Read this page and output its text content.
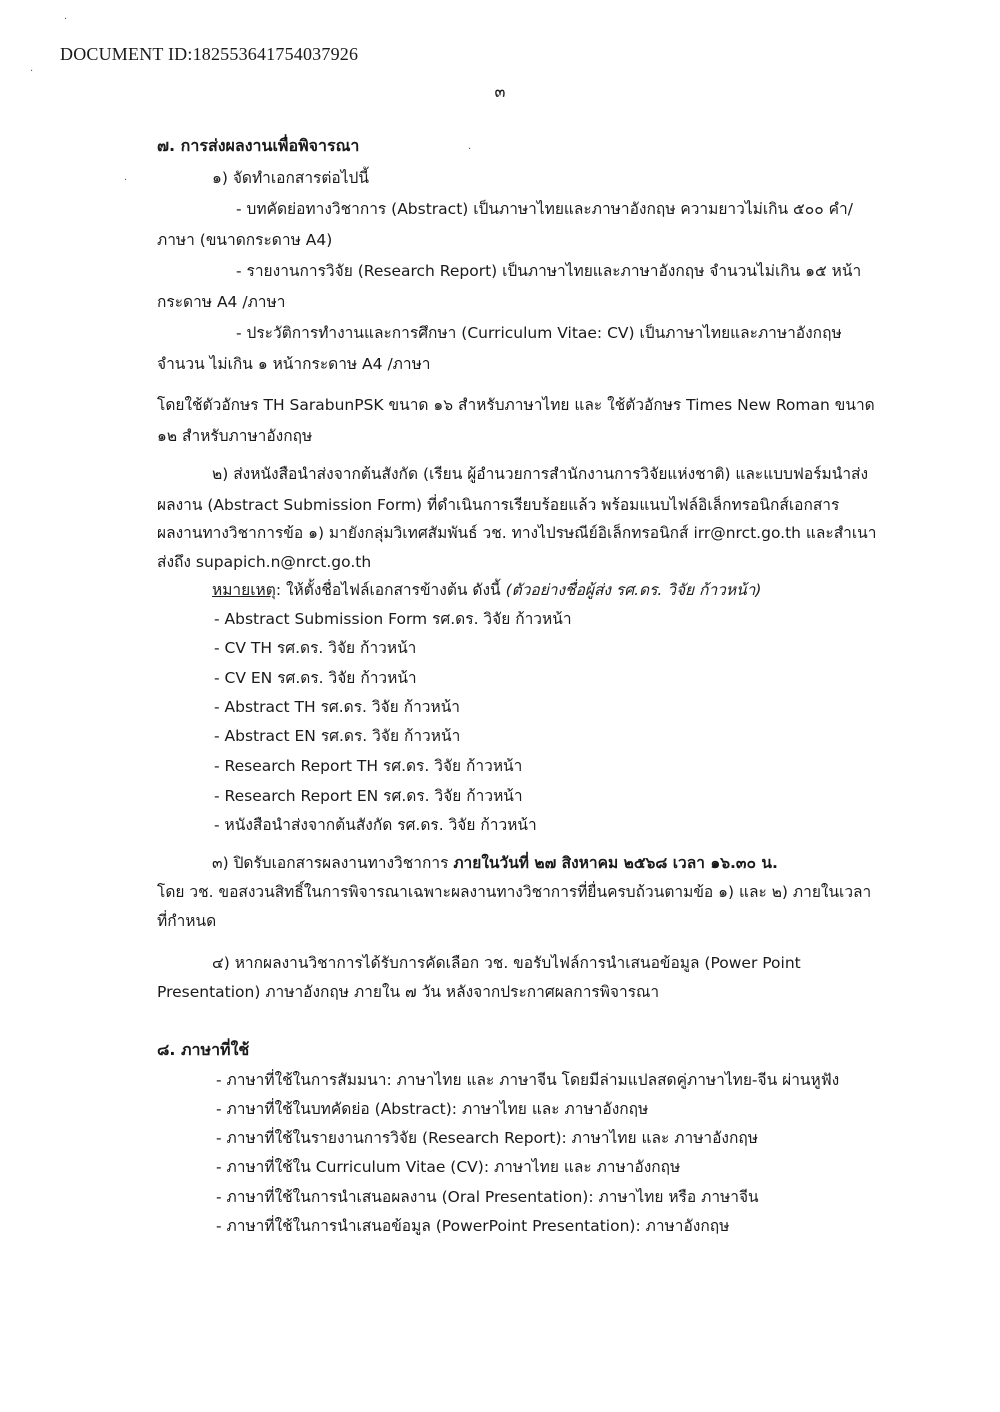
·
·
·
·
DOCUMENT ID:182553641754037926
๓
๗. การส่งผลงานเพื่อพิจารณา
๑) จัดทำเอกสารต่อไปนี้
- บทคัดย่อทางวิชาการ (Abstract) เป็นภาษาไทยและภาษาอังกฤษ ความยาวไม่เกิน ๕๐๐ คำ/
ภาษา (ขนาดกระดาษ A4)
- รายงานการวิจัย (Research Report) เป็นภาษาไทยและภาษาอังกฤษ จำนวนไม่เกิน ๑๕ หน้า
กระดาษ A4 /ภาษา
- ประวัติการทำงานและการศึกษา (Curriculum Vitae: CV) เป็นภาษาไทยและภาษาอังกฤษ
จำนวน ไม่เกิน ๑ หน้ากระดาษ A4 /ภาษา
โดยใช้ตัวอักษร TH SarabunPSK ขนาด ๑๖ สำหรับภาษาไทย และ ใช้ตัวอักษร Times New Roman ขนาด
๑๒ สำหรับภาษาอังกฤษ
๒) ส่งหนังสือนำส่งจากต้นสังกัด (เรียน ผู้อำนวยการสำนักงานการวิจัยแห่งชาติ) และแบบฟอร์มนำส่ง
ผลงาน (Abstract Submission Form) ที่ดำเนินการเรียบร้อยแล้ว พร้อมแนบไฟล์อิเล็กทรอนิกส์เอกสาร
ผลงานทางวิชาการข้อ ๑) มายังกลุ่มวิเทศสัมพันธ์ วช. ทางไปรษณีย์อิเล็กทรอนิกส์ irr@nrct.go.th และสำเนา
ส่งถึง supapich.n@nrct.go.th
หมายเหตุ: ให้ตั้งชื่อไฟล์เอกสารข้างต้น ดังนี้ (ตัวอย่างชื่อผู้ส่ง รศ.ดร. วิจัย ก้าวหน้า)
- Abstract Submission Form รศ.ดร. วิจัย ก้าวหน้า
- CV TH รศ.ดร. วิจัย ก้าวหน้า
- CV EN รศ.ดร. วิจัย ก้าวหน้า
- Abstract TH รศ.ดร. วิจัย ก้าวหน้า
- Abstract EN รศ.ดร. วิจัย ก้าวหน้า
- Research Report TH รศ.ดร. วิจัย ก้าวหน้า
- Research Report EN รศ.ดร. วิจัย ก้าวหน้า
- หนังสือนำส่งจากต้นสังกัด รศ.ดร. วิจัย ก้าวหน้า
๓) ปิดรับเอกสารผลงานทางวิชาการ ภายในวันที่ ๒๗ สิงหาคม ๒๕๖๘ เวลา ๑๖.๓๐ น.
โดย วช. ขอสงวนสิทธิ์ในการพิจารณาเฉพาะผลงานทางวิชาการที่ยื่นครบถ้วนตามข้อ ๑) และ ๒) ภายในเวลา
ที่กำหนด
๔) หากผลงานวิชาการได้รับการคัดเลือก วช. ขอรับไฟล์การนำเสนอข้อมูล (Power Point
Presentation) ภาษาอังกฤษ ภายใน ๗ วัน หลังจากประกาศผลการพิจารณา
๘. ภาษาที่ใช้
- ภาษาที่ใช้ในการสัมมนา: ภาษาไทย และ ภาษาจีน โดยมีล่ามแปลสดคู่ภาษาไทย-จีน ผ่านหูฟัง
- ภาษาที่ใช้ในบทคัดย่อ (Abstract): ภาษาไทย และ ภาษาอังกฤษ
- ภาษาที่ใช้ในรายงานการวิจัย (Research Report): ภาษาไทย และ ภาษาอังกฤษ
- ภาษาที่ใช้ใน Curriculum Vitae (CV): ภาษาไทย และ ภาษาอังกฤษ
- ภาษาที่ใช้ในการนำเสนอผลงาน (Oral Presentation): ภาษาไทย หรือ ภาษาจีน
- ภาษาที่ใช้ในการนำเสนอข้อมูล (PowerPoint Presentation): ภาษาอังกฤษ
